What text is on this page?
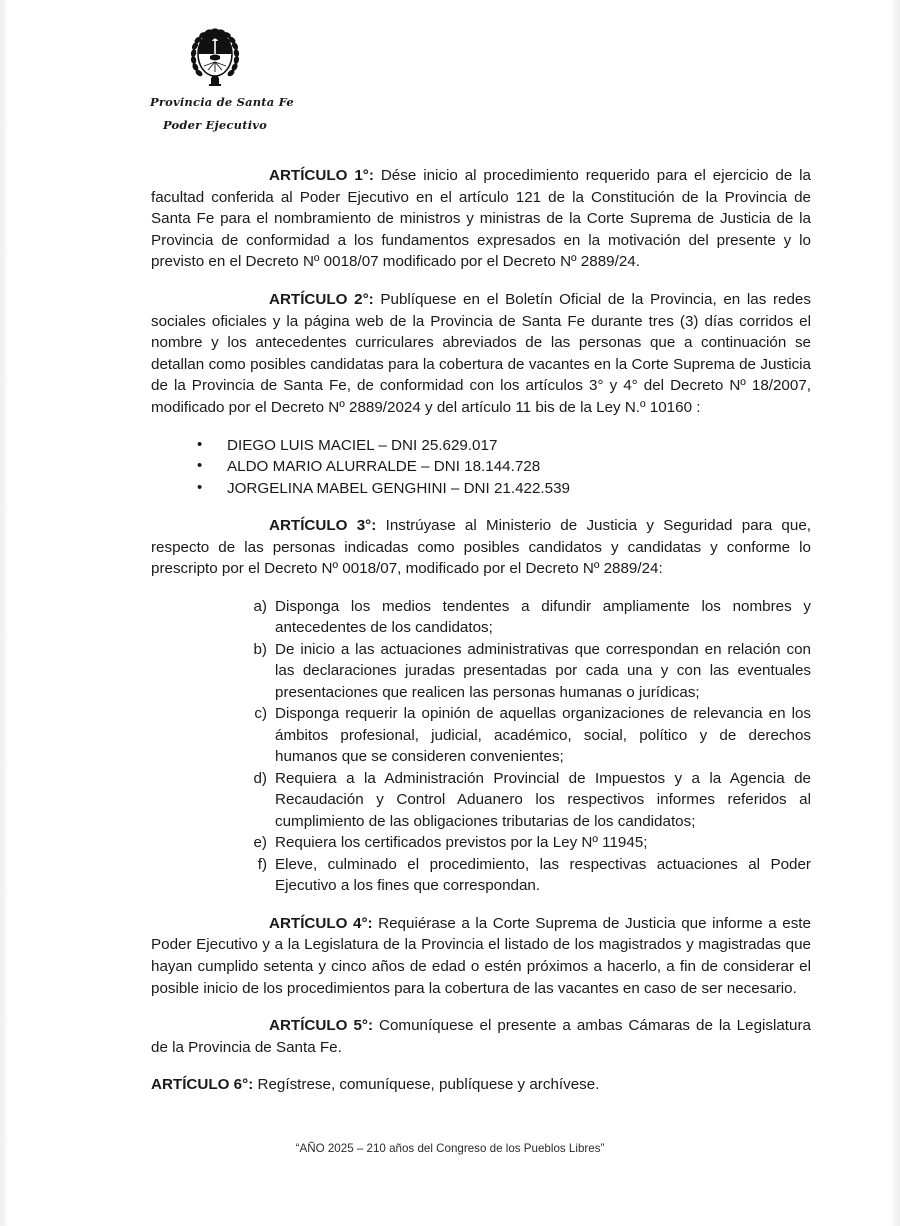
Provincia de Santa Fe
Poder Ejecutivo

ARTÍCULO 1°: Dése inicio al procedimiento requerido para el ejercicio de la facultad conferida al Poder Ejecutivo en el artículo 121 de la Constitución de la Provincia de Santa Fe para el nombramiento de ministros y ministras de la Corte Suprema de Justicia de la Provincia de conformidad a los fundamentos expresados en la motivación del presente y lo previsto en el Decreto Nº 0018/07 modificado por el Decreto Nº 2889/24.

ARTÍCULO 2°: Publíquese en el Boletín Oficial de la Provincia, en las redes sociales oficiales y la página web de la Provincia de Santa Fe durante tres (3) días corridos el nombre y los antecedentes curriculares abreviados de las personas que a continuación se detallan como posibles candidatas para la cobertura de vacantes en la Corte Suprema de Justicia de la Provincia de Santa Fe, de conformidad con los artículos 3° y 4° del Decreto Nº 18/2007, modificado por el Decreto Nº 2889/2024 y del artículo 11 bis de la Ley N.º 10160 :

• DIEGO LUIS MACIEL – DNI 25.629.017
• ALDO MARIO ALURRALDE – DNI 18.144.728
• JORGELINA MABEL GENGHINI – DNI 21.422.539

ARTÍCULO 3°: Instrúyase al Ministerio de Justicia y Seguridad para que, respecto de las personas indicadas como posibles candidatos y candidatas y conforme lo prescripto por el Decreto Nº 0018/07, modificado por el Decreto Nº 2889/24:

a) Disponga los medios tendentes a difundir ampliamente los nombres y antecedentes de los candidatos;
b) De inicio a las actuaciones administrativas que correspondan en relación con las declaraciones juradas presentadas por cada una y con las eventuales presentaciones que realicen las personas humanas o jurídicas;
c) Disponga requerir la opinión de aquellas organizaciones de relevancia en los ámbitos profesional, judicial, académico, social, político y de derechos humanos que se consideren convenientes;
d) Requiera a la Administración Provincial de Impuestos y a la Agencia de Recaudación y Control Aduanero los respectivos informes referidos al cumplimiento de las obligaciones tributarias de los candidatos;
e) Requiera los certificados previstos por la Ley Nº 11945;
f) Eleve, culminado el procedimiento, las respectivas actuaciones al Poder Ejecutivo a los fines que correspondan.

ARTÍCULO 4°: Requiérase a la Corte Suprema de Justicia que informe a este Poder Ejecutivo y a la Legislatura de la Provincia el listado de los magistrados y magistradas que hayan cumplido setenta y cinco años de edad o estén próximos a hacerlo, a fin de considerar el posible inicio de los procedimientos para la cobertura de las vacantes en caso de ser necesario.

ARTÍCULO 5°: Comuníquese el presente a ambas Cámaras de la Legislatura de la Provincia de Santa Fe.

ARTÍCULO 6°: Regístrese, comuníquese, publíquese y archívese.

“AÑO 2025 – 210 años del Congreso de los Pueblos Libres”
